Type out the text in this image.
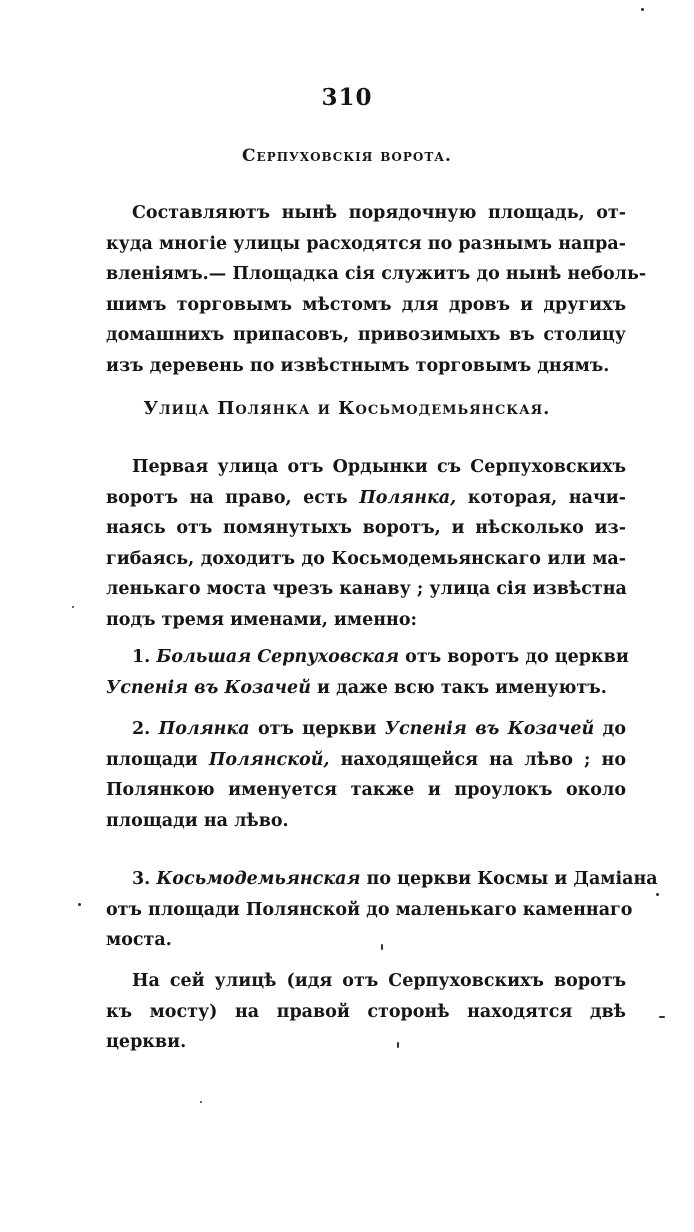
310
Серпуховскія ворота.
Составляютъ нынѣ порядочную площадь, от-
куда многіе улицы расходятся по разнымъ напра-
вленіямъ.— Площадка сія служитъ до нынѣ неболь-
шимъ торговымъ мѣстомъ для дровъ и другихъ
домашнихъ припасовъ, привозимыхъ въ столицу
изъ деревень по извѣстнымъ торговымъ днямъ.
Улица Полянка и Косьмодемьянская.
Первая улица отъ Ордынки съ Серпуховскихъ
воротъ на право, есть Полянка, которая, начи-
наясь отъ помянутыхъ воротъ, и нѣсколько из-
гибаясь, доходитъ до Косьмодемьянскаго или ма-
ленькаго моста чрезъ канаву ; улица сія извѣстна
подъ тремя именами, именно:
1. Большая Серпуховская отъ воротъ до церкви
Успенія въ Козачей и даже всю такъ именуютъ.
2. Полянка отъ церкви Успенія въ Козачей до
площади Полянской, находящейся на лѣво ; но
Полянкою именуется также и проулокъ около
площади на лѣво.
3. Косьмодемьянская по церкви Космы и Даміана
отъ площади Полянской до маленькаго каменнаго
моста.
На сей улицѣ (идя отъ Серпуховскихъ воротъ
къ мосту) на правой сторонѣ находятся двѣ
церкви.
